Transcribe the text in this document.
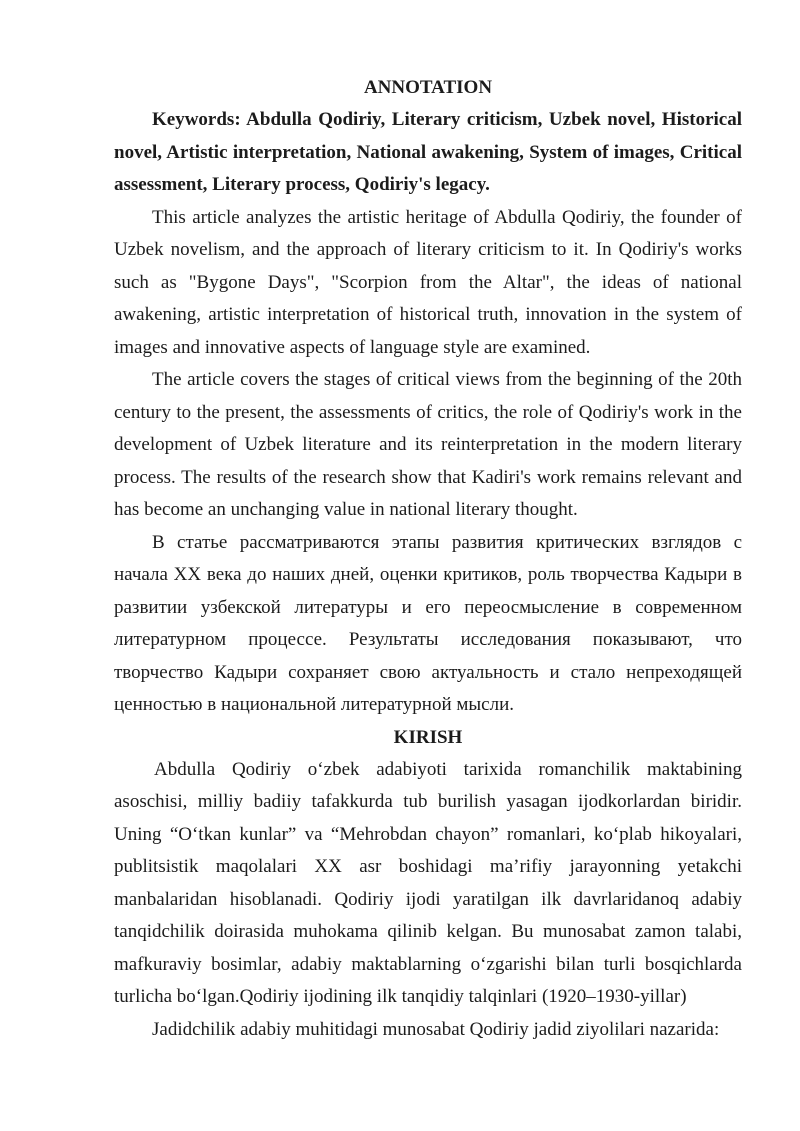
ANNOTATION

Keywords: Abdulla Qodiriy, Literary criticism, Uzbek novel, Historical novel, Artistic interpretation, National awakening, System of images, Critical assessment, Literary process, Qodiriy's legacy.

This article analyzes the artistic heritage of Abdulla Qodiriy, the founder of Uzbek novelism, and the approach of literary criticism to it. In Qodiriy's works such as "Bygone Days", "Scorpion from the Altar", the ideas of national awakening, artistic interpretation of historical truth, innovation in the system of images and innovative aspects of language style are examined.

The article covers the stages of critical views from the beginning of the 20th century to the present, the assessments of critics, the role of Qodiriy's work in the development of Uzbek literature and its reinterpretation in the modern literary process. The results of the research show that Kadiri's work remains relevant and has become an unchanging value in national literary thought.

В статье рассматриваются этапы развития критических взглядов с начала XX века до наших дней, оценки критиков, роль творчества Кадыри в развитии узбекской литературы и его переосмысление в современном литературном процессе. Результаты исследования показывают, что творчество Кадыри сохраняет свою актуальность и стало непреходящей ценностью в национальной литературной мысли.

KIRISH

Abdulla Qodiriy o‘zbek adabiyoti tarixida romanchilik maktabining asoschisi, milliy badiiy tafakkurda tub burilish yasagan ijodkorlardan biridir. Uning “O‘tkan kunlar” va “Mehrobdan chayon” romanlari, ko‘plab hikoyalari, publitsistik maqolalari XX asr boshidagi ma’rifiy jarayonning yetakchi manbalaridan hisoblanadi. Qodiriy ijodi yaratilgan ilk davrlaridanoq adabiy tanqidchilik doirasida muhokama qilinib kelgan. Bu munosabat zamon talabi, mafkuraviy bosimlar, adabiy maktablarning o‘zgarishi bilan turli bosqichlarda turlicha bo‘lgan.Qodiriy ijodining ilk tanqidiy talqinlari (1920–1930-yillar)

Jadidchilik adabiy muhitidagi munosabat Qodiriy jadid ziyolilari nazarida:
